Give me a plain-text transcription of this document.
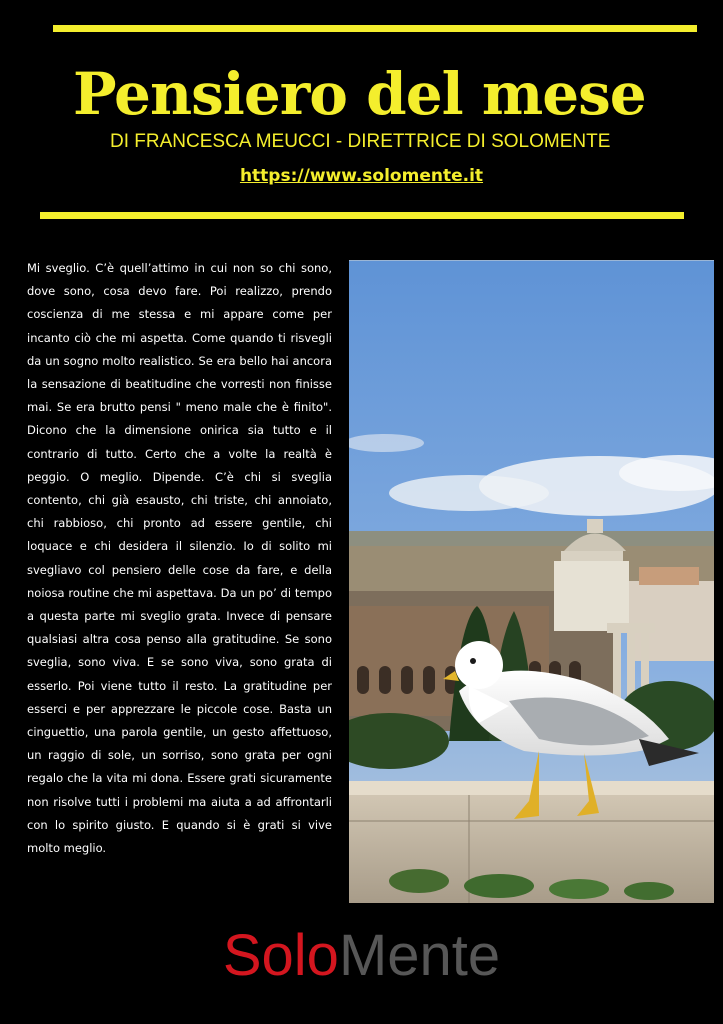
Pensiero del mese
DI FRANCESCA MEUCCI - DIRETTRICE DI SOLOMENTE
https://www.solomente.it

Mi sveglio. C’è quell’attimo in cui non so chi sono, dove sono, cosa devo fare. Poi realizzo, prendo coscienza di me stessa e mi appare come per incanto ciò che mi aspetta. Come quando ti risvegli da un sogno molto realistico. Se era bello hai ancora la sensazione di beatitudine che vorresti non finisse mai. Se era brutto pensi " meno male che è finito". Dicono che la dimensione onirica sia tutto e il contrario di tutto. Certo che a volte la realtà è peggio. O meglio. Dipende. C’è chi si sveglia contento, chi già esausto, chi triste, chi annoiato, chi rabbioso, chi pronto ad essere gentile, chi loquace e chi desidera il silenzio. Io di solito mi svegliavo col pensiero delle cose da fare, e della noiosa routine che mi aspettava. Da un po’ di tempo a questa parte mi sveglio grata. Invece di pensare qualsiasi altra cosa penso alla gratitudine. Se sono sveglia, sono viva. E se sono viva, sono grata di esserlo. Poi viene tutto il resto. La gratitudine per esserci e per apprezzare le piccole cose. Basta un cinguettio, una parola gentile, un gesto affettuoso, un raggio di sole, un sorriso, sono grata per ogni regalo che la vita mi dona. Essere grati sicuramente non risolve tutti i problemi ma aiuta a ad affrontarli con lo spirito giusto. E quando si è grati si vive molto meglio.

SoloMente
